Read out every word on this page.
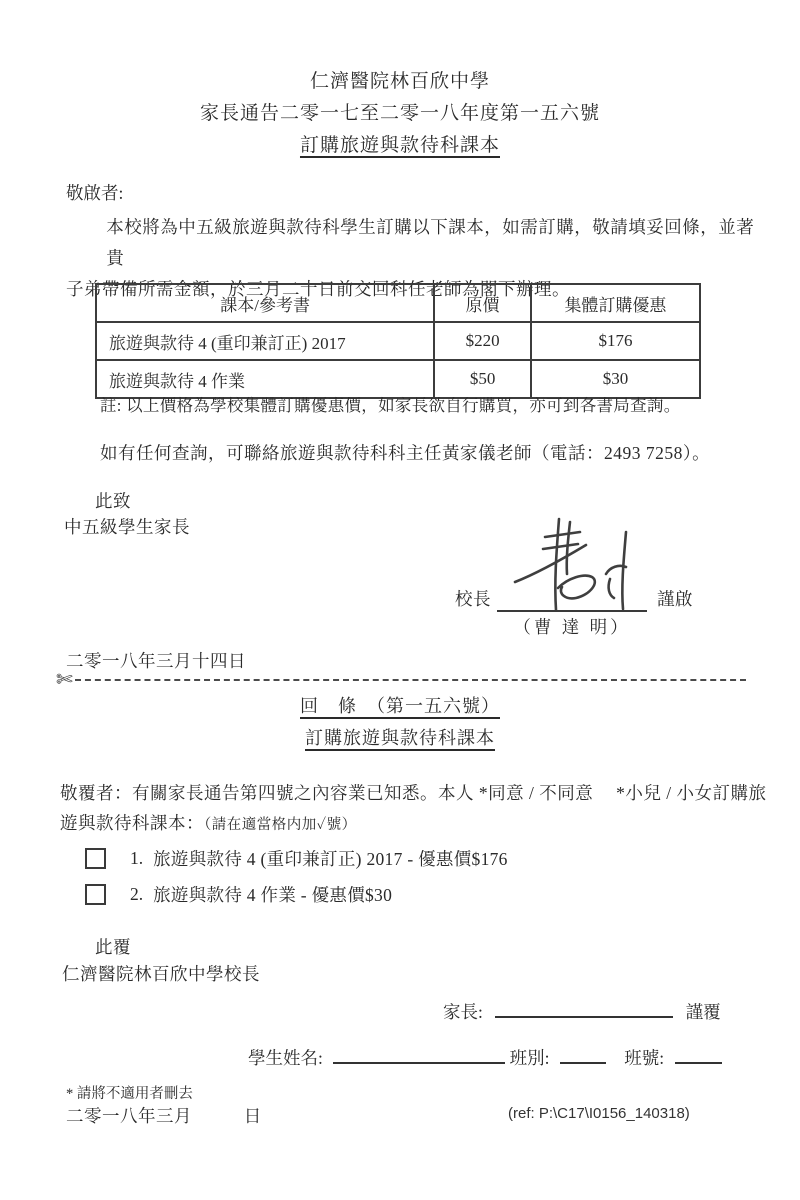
仁濟醫院林百欣中學
家長通告二零一七至二零一八年度第一五六號
訂購旅遊與款待科課本
敬啟者:
本校將為中五級旅遊與款待科學生訂購以下課本，如需訂購，敬請填妥回條，並著　貴
子弟帶備所需金額，於三月二十日前交回科任老師為閣下辦理。
課本/參考書	原價	集體訂購優惠
旅遊與款待 4 (重印兼訂正) 2017	$220	$176
旅遊與款待 4 作業	$50	$30
註: 以上價格為學校集體訂購優惠價，如家長欲自行購買，亦可到各書局查詢。
如有任何查詢，可聯絡旅遊與款待科科主任黃家儀老師（電話：2493 7258）。
此致
中五級學生家長
校長	謹啟
（曹 達 明）
二零一八年三月十四日
✄
回　條　（第一五六號）
訂購旅遊與款待科課本
敬覆者：有關家長通告第四號之內容業已知悉。本人 *同意 / 不同意　 *小兒 / 小女訂購旅
遊與款待科課本：（請在適當格内加✓號）
1. 旅遊與款待 4 (重印兼訂正) 2017 - 優惠價$176
2. 旅遊與款待 4 作業 - 優惠價$30
此覆
仁濟醫院林百欣中學校長
家長:	謹覆
學生姓名:	班別:	班號:
* 請將不適用者刪去
二零一八年三月	日	(ref: P:\C17\I0156_140318)
